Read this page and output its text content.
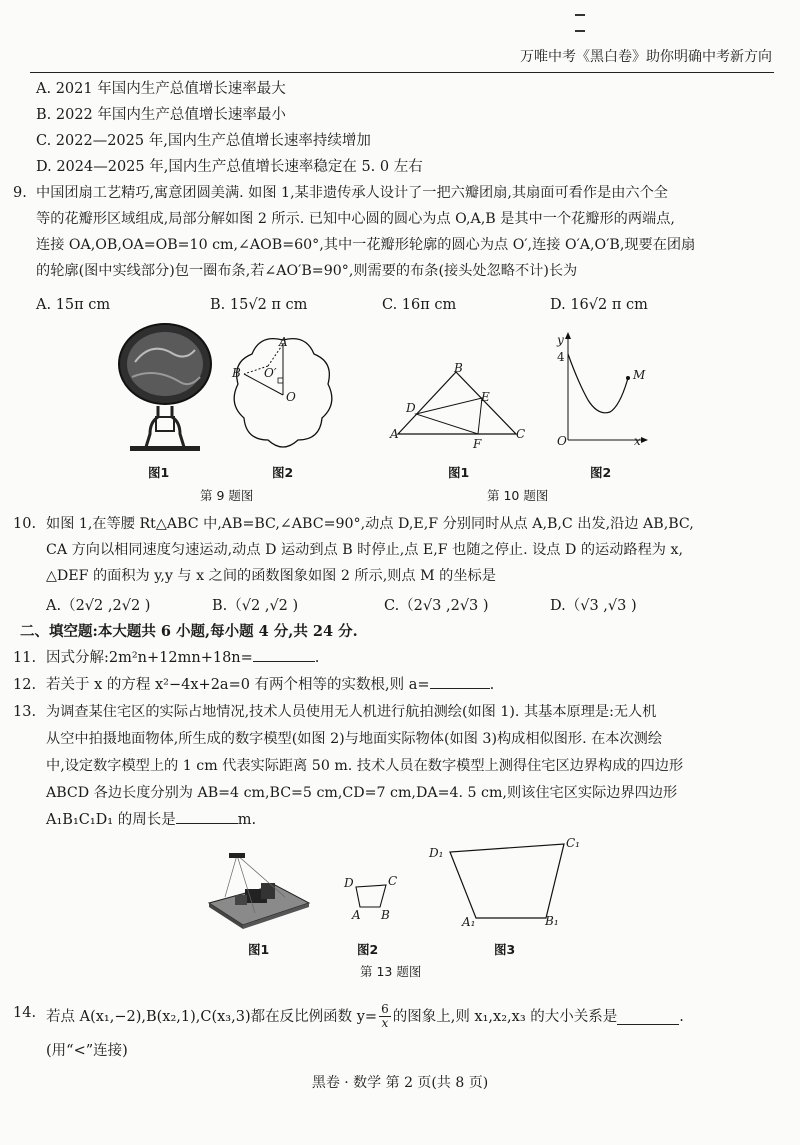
万唯中考《黑白卷》助你明确中考新方向
A. 2021 年国内生产总值增长速率最大
B. 2022 年国内生产总值增长速率最小
C. 2022—2025 年,国内生产总值增长速率持续增加
D. 2024—2025 年,国内生产总值增长速率稳定在 5. 0 左右
9. 中国团扇工艺精巧,寓意团圆美满. 如图 1,某非遗传承人设计了一把六瓣团扇,其扇面可看作是由六个全
等的花瓣形区域组成,局部分解如图 2 所示. 已知中心圆的圆心为点 O,A,B 是其中一个花瓣形的两端点,
连接 OA,OB,OA=OB=10 cm,∠AOB=60°,其中一花瓣形轮廓的圆心为点 O′,连接 O′A,O′B,现要在团扇
的轮廓(图中实线部分)包一圈布条,若∠AO′B=90°,则需要的布条(接头处忽略不计)长为
A. 15π cm	B. 15√2 π cm	C. 16π cm	D. 16√2 π cm
图1
A
B O′
O
图2
第 9 题图
B
D
E
A
F
C
图1
y
4
M
O	x
图2
第 10 题图
10. 如图 1,在等腰 Rt△ABC 中,AB=BC,∠ABC=90°,动点 D,E,F 分别同时从点 A,B,C 出发,沿边 AB,BC,
CA 方向以相同速度匀速运动,动点 D 运动到点 B 时停止,点 E,F 也随之停止. 设点 D 的运动路程为 x,
△DEF 的面积为 y,y 与 x 之间的函数图象如图 2 所示,则点 M 的坐标是
A.（2√2 ,2√2 )	B.（√2 ,√2 )	C.（2√3 ,2√3 )	D.（√3 ,√3 )
二、填空题:本大题共 6 小题,每小题 4 分,共 24 分.
11. 因式分解:2m²n+12mn+18n=	.
12. 若关于 x 的方程 x²−4x+2a=0 有两个相等的实数根,则 a=	.
13. 为调查某住宅区的实际占地情况,技术人员使用无人机进行航拍测绘(如图 1). 其基本原理是:无人机
从空中拍摄地面物体,所生成的数字模型(如图 2)与地面实际物体(如图 3)构成相似图形. 在本次测绘
中,设定数字模型上的 1 cm 代表实际距离 50 m. 技术人员在数字模型上测得住宅区边界构成的四边形
ABCD 各边长度分别为 AB=4 cm,BC=5 cm,CD=7 cm,DA=4. 5 cm,则该住宅区实际边界四边形
A₁B₁C₁D₁ 的周长是	m.
图1
D	C
A B
图2
D₁
C₁
A₁	B₁
图3
第 13 题图
14. 若点 A(x₁,−2),B(x₂,1),C(x₃,3)都在反比例函数 $y= \frac{6}{x}$ 的图象上,则 x₁,x₂,x₃ 的大小关系是	.
(用“<”连接)
黑卷 · 数学 第 2 页(共 8 页)
